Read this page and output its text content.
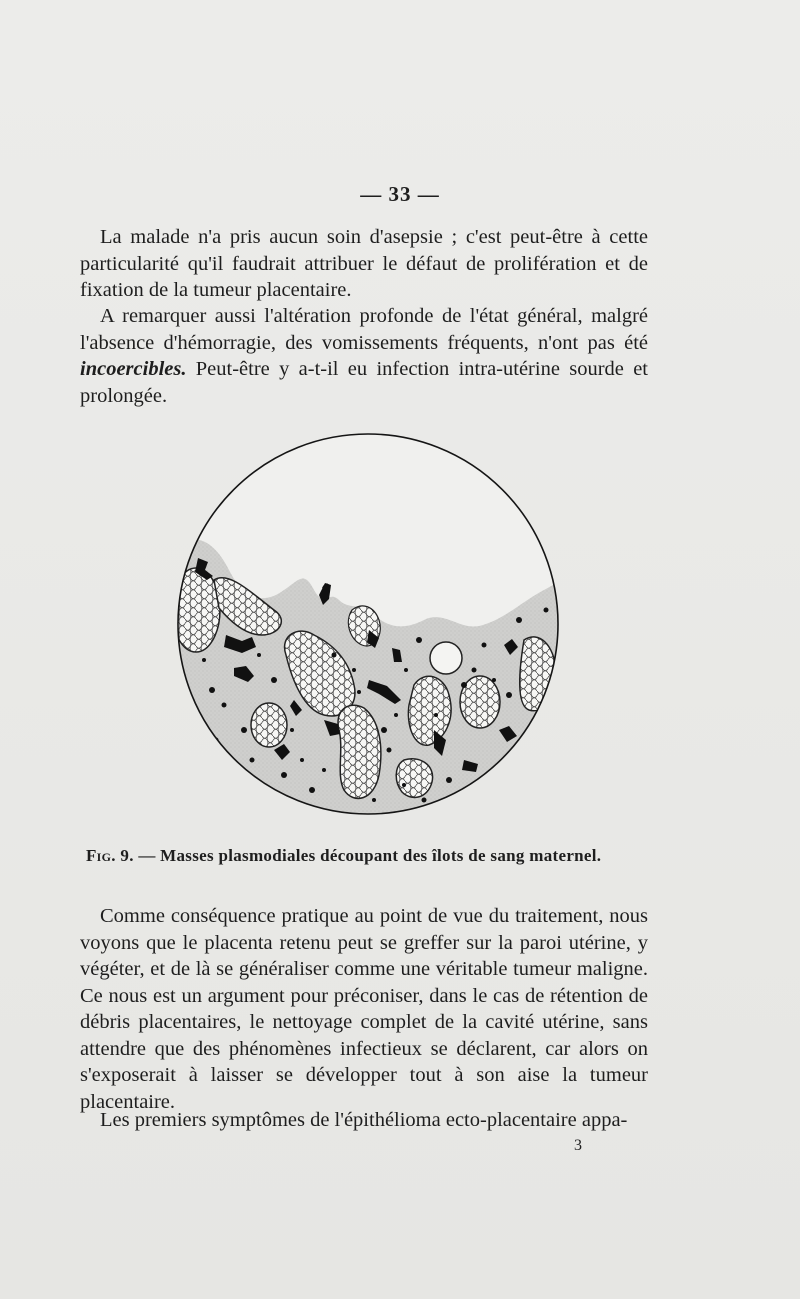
— 33 —

La malade n'a pris aucun soin d'asepsie ; c'est peut-être à cette particularité qu'il faudrait attribuer le défaut de prolifération et de fixation de la tumeur placentaire.

A remarquer aussi l'altération profonde de l'état général, malgré l'absence d'hémorragie, des vomissements fréquents, n'ont pas été incoercibles. Peut-être y a-t-il eu infection intra-utérine sourde et prolongée.

Fig. 9. — Masses plasmodiales découpant des îlots de sang maternel.

Comme conséquence pratique au point de vue du traitement, nous voyons que le placenta retenu peut se greffer sur la paroi utérine, y végéter, et de là se généraliser comme une véritable tumeur maligne. Ce nous est un argument pour préconiser, dans le cas de rétention de débris placentaires, le nettoyage complet de la cavité utérine, sans attendre que des phénomènes infectieux se déclarent, car alors on s'exposerait à laisser se développer tout à son aise la tumeur placentaire.

Les premiers symptômes de l'épithélioma ecto-placentaire appa-

3
